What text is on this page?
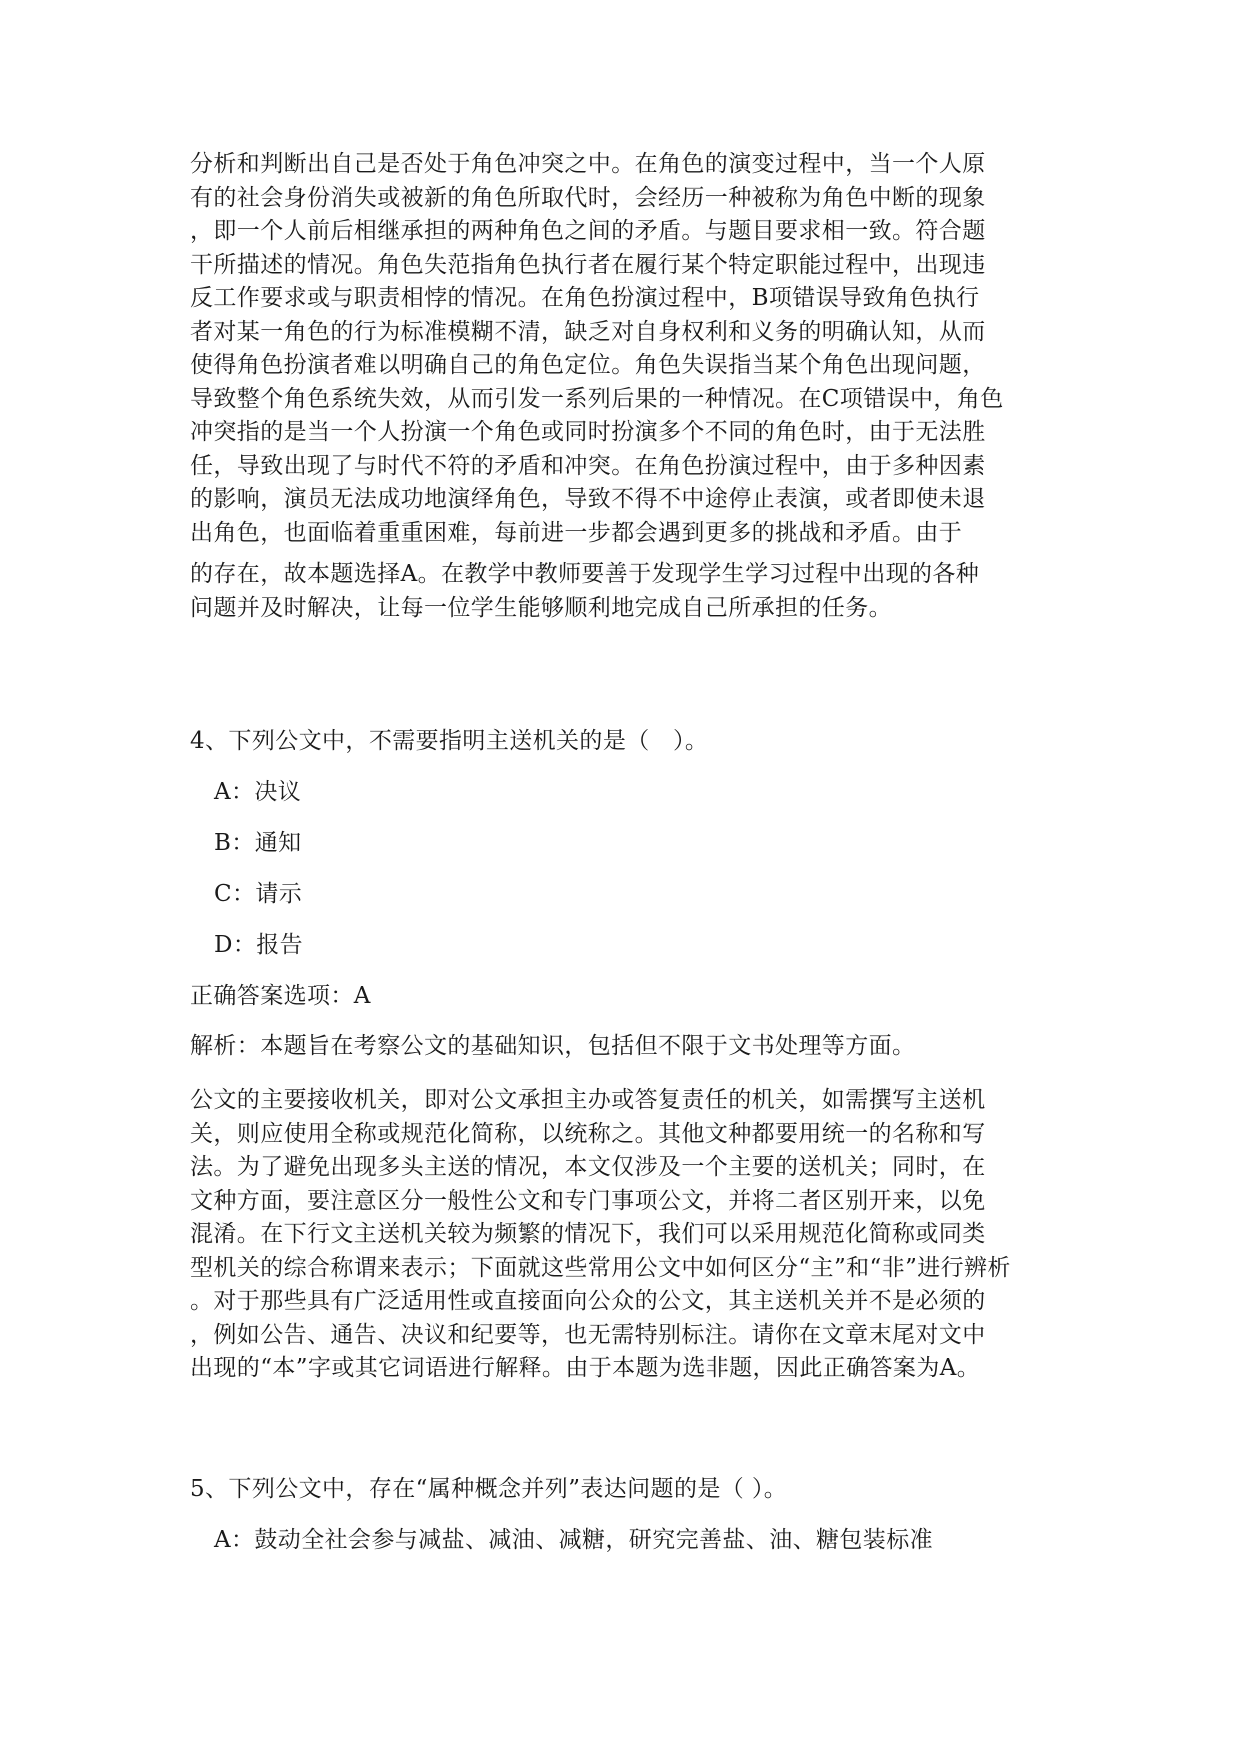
分析和判断出自己是否处于角色冲突之中。在角色的演变过程中，当一个人原
有的社会身份消失或被新的角色所取代时，会经历一种被称为角色中断的现象
，即一个人前后相继承担的两种角色之间的矛盾。与题目要求相一致。符合题
干所描述的情况。角色失范指角色执行者在履行某个特定职能过程中，出现违
反工作要求或与职责相悖的情况。在角色扮演过程中，B项错误导致角色执行
者对某一角色的行为标准模糊不清，缺乏对自身权利和义务的明确认知，从而
使得角色扮演者难以明确自己的角色定位。角色失误指当某个角色出现问题，
导致整个角色系统失效，从而引发一系列后果的一种情况。在C项错误中，角色
冲突指的是当一个人扮演一个角色或同时扮演多个不同的角色时，由于无法胜
任，导致出现了与时代不符的矛盾和冲突。在角色扮演过程中，由于多种因素
的影响，演员无法成功地演绎角色，导致不得不中途停止表演，或者即使未退
出角色，也面临着重重困难，每前进一步都会遇到更多的挑战和矛盾。由于
的存在，故本题选择A。在教学中教师要善于发现学生学习过程中出现的各种
问题并及时解决，让每一位学生能够顺利地完成自己所承担的任务。

4、下列公文中，不需要指明主送机关的是（　）。

A：决议

B：通知

C：请示

D：报告

正确答案选项：A

解析：本题旨在考察公文的基础知识，包括但不限于文书处理等方面。

公文的主要接收机关，即对公文承担主办或答复责任的机关，如需撰写主送机
关，则应使用全称或规范化简称，以统称之。其他文种都要用统一的名称和写
法。为了避免出现多头主送的情况，本文仅涉及一个主要的送机关；同时，在
文种方面，要注意区分一般性公文和专门事项公文，并将二者区别开来，以免
混淆。在下行文主送机关较为频繁的情况下，我们可以采用规范化简称或同类
型机关的综合称谓来表示；下面就这些常用公文中如何区分“主”和“非”进行辨析
。对于那些具有广泛适用性或直接面向公众的公文，其主送机关并不是必须的
，例如公告、通告、决议和纪要等，也无需特别标注。请你在文章末尾对文中
出现的“本”字或其它词语进行解释。由于本题为选非题，因此正确答案为A。

5、下列公文中，存在“属种概念并列”表达问题的是（ ）。

A：鼓动全社会参与减盐、减油、减糖，研究完善盐、油、糖包装标准
